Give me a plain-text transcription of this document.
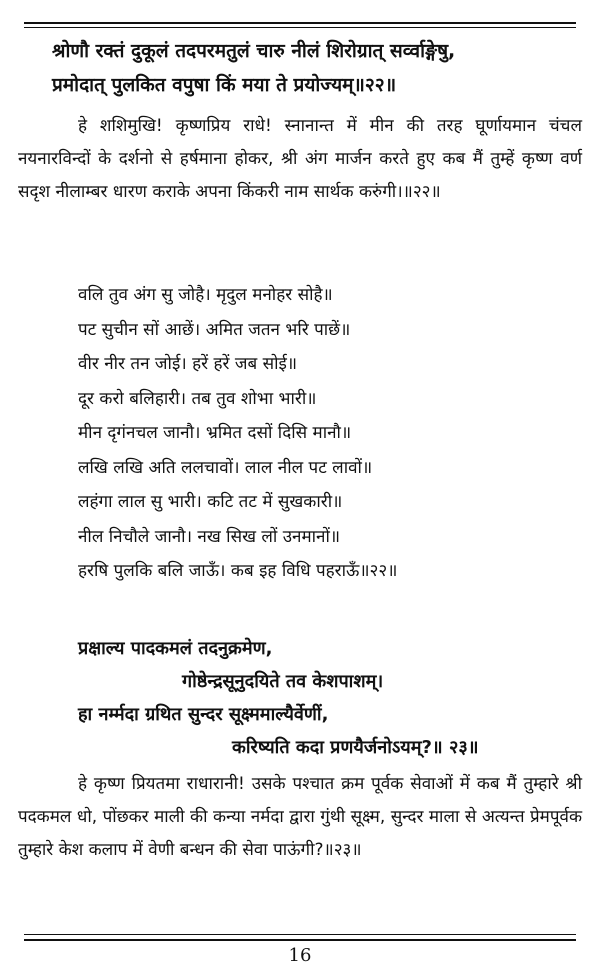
श्रोणौ रक्तं दुकूलं तदपरमतुलं चारु नीलं शिरोग्रात् सर्व्वाङ्गेषु,
प्रमोदात् पुलकित वपुषा किं मया ते प्रयोज्यम्॥२२॥

हे शशिमुखि! कृष्णप्रिय राधे! स्नानान्त में मीन की तरह घूर्णायमान चंचल नयनारविन्दों के दर्शनो से हर्षमाना होकर, श्री अंग मार्जन करते हुए कब मैं तुम्हें कृष्ण वर्ण सदृश नीलाम्बर धारण कराके अपना किंकरी नाम सार्थक करुंगी।॥२२॥

वलि तुव अंग सु जोहै। मृदुल मनोहर सोहै॥
पट सुचीन सों आछें। अमित जतन भरि पाछें॥
वीर नीर तन जोई। हरें हरें जब सोई॥
दूर करो बलिहारी। तब तुव शोभा भारी॥
मीन दृगंनचल जानौ। भ्रमित दसों दिसि मानौ॥
लखि लखि अति ललचावों। लाल नील पट लावों॥
लहंगा लाल सु भारी। कटि तट में सुखकारी॥
नील निचौले जानौ। नख सिख लों उनमानों॥
हरषि पुलकि बलि जाऊँ। कब इह विधि पहराऊँ॥२२॥
प्रक्षाल्य पादकमलं तदनुक्रमेण,
गोष्ठेन्द्रसूनुदयिते तव केशपाशम्।
हा नर्म्मदा ग्रथित सुन्दर सूक्ष्ममाल्यैर्वेणीं,
करिष्यति कदा प्रणयैर्जनोऽयम्?॥ २३॥

हे कृष्ण प्रियतमा राधारानी! उसके पश्चात क्रम पूर्वक सेवाओं में कब मैं तुम्हारे श्री पदकमल धो, पोंछकर माली की कन्या नर्मदा द्वारा गुंथी सूक्ष्म, सुन्दर माला से अत्यन्त प्रेमपूर्वक तुम्हारे केश कलाप में वेणी बन्धन की सेवा पाऊंगी?॥२३॥

16
